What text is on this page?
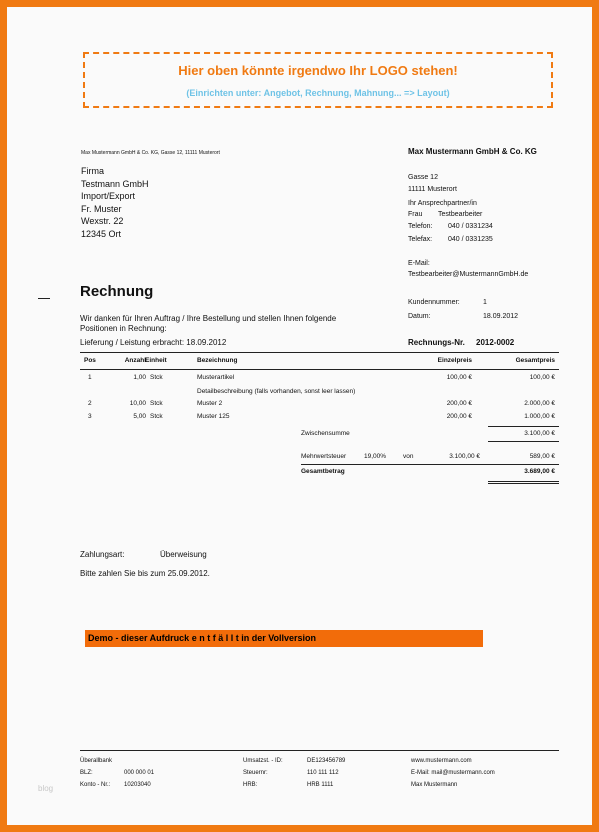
Hier oben könnte irgendwo Ihr LOGO stehen!
(Einrichten unter: Angebot, Rechnung, Mahnung... => Layout)
Max Mustermann GmbH & Co. KG, Gasse 12, 11111 Musterort
Firma
Testmann GmbH
Import/Export
Fr. Muster
Wexstr. 22
12345 Ort
Max Mustermann GmbH & Co. KG
Gasse 12
11111 Musterort
Ihr Ansprechpartner/in
Frau Testbearbeiter
Telefon: 040 / 0331234
Telefax: 040 / 0331235
E-Mail:
Testbearbeiter@MustermannGmbH.de
Rechnung
Kundennummer:	1
Datum:	18.09.2012
Wir danken für Ihren Auftrag / Ihre Bestellung und stellen Ihnen folgende
Positionen in Rechnung:
Lieferung / Leistung erbracht: 18.09.2012	Rechnungs-Nr. 2012-0002
Pos	Anzahl Einheit	Bezeichnung	Einzelpreis	Gesamtpreis
1	1,00 Stck	Musterartikel	100,00 €	100,00 €
Detailbeschreibung (falls vorhanden, sonst leer lassen)
2	10,00 Stck	Muster 2	200,00 €	2.000,00 €
3	5,00 Stck	Muster 125	200,00 €	1.000,00 €
Zwischensumme	3.100,00 €
Mehrwertsteuer	19,00%	von	3.100,00 €	589,00 €
Gesamtbetrag	3.689,00 €
Zahlungsart:	Überweisung
Bitte zahlen Sie bis zum 25.09.2012.
Demo - dieser Aufdruck e n t f ä l l t in der Vollversion
Überallbank
BLZ:	000 000 01
Konto - Nr.: 10203040
Umsatzst. - ID:	DE123456789
Steuernr:	110 111 112
HRB:	HRB 1111
www.mustermann.com
E-Mail: mail@mustermann.com
Max Mustermann
blog
